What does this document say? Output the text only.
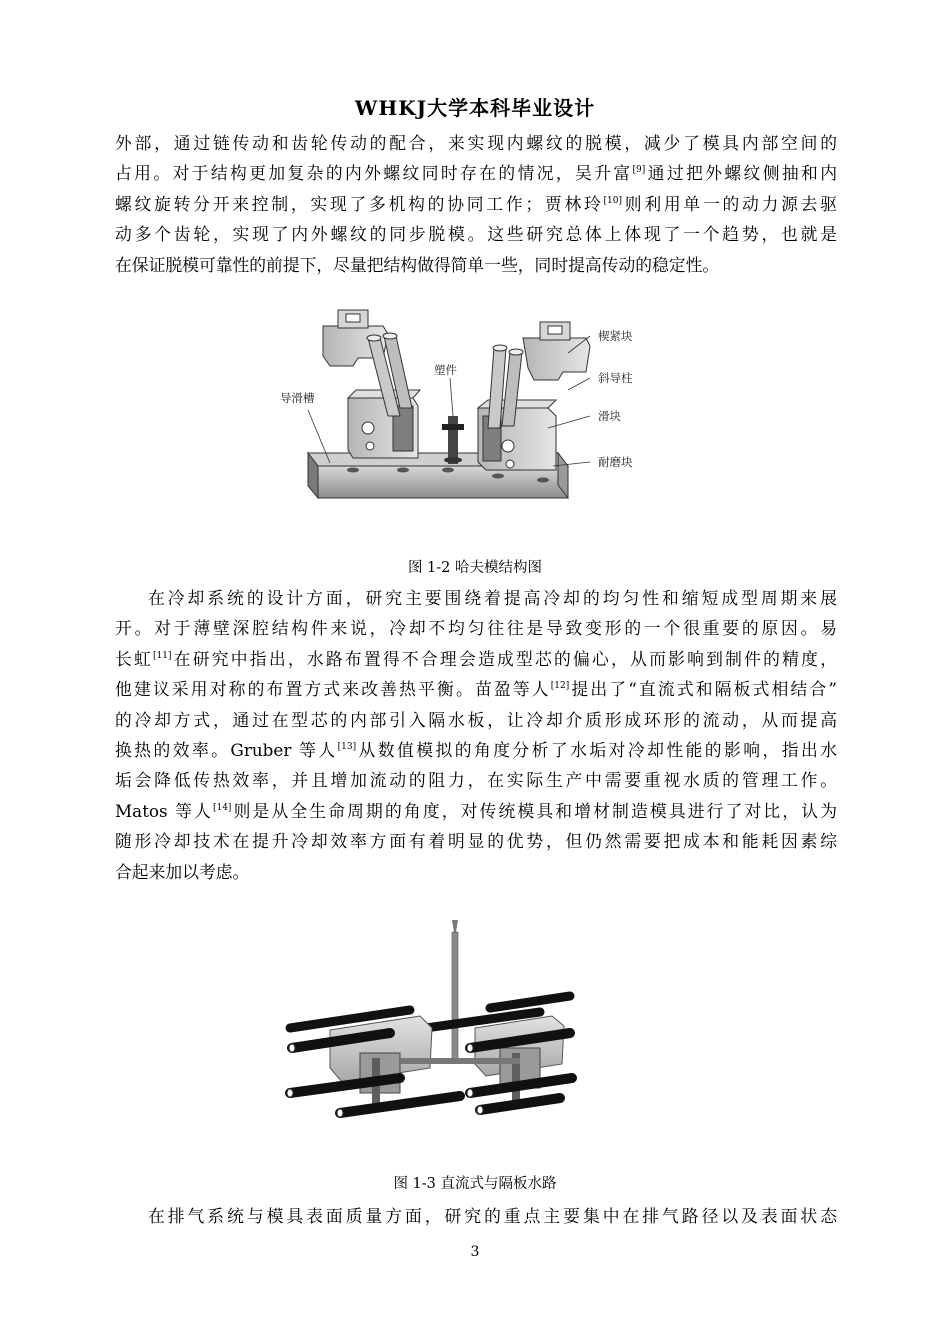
WHKJ大学本科毕业设计
外部，通过链传动和齿轮传动的配合，来实现内螺纹的脱模，减少了模具内部空间的
占用。对于结构更加复杂的内外螺纹同时存在的情况，吴升富[9]通过把外螺纹侧抽和内
螺纹旋转分开来控制，实现了多机构的协同工作；贾林玲[10]则利用单一的动力源去驱
动多个齿轮，实现了内外螺纹的同步脱模。这些研究总体上体现了一个趋势，也就是
在保证脱模可靠性的前提下，尽量把结构做得简单一些，同时提高传动的稳定性。
楔紧块
斜导柱
塑件
导滑槽
滑块
耐磨块
图 1-2 哈夫模结构图
在冷却系统的设计方面，研究主要围绕着提高冷却的均匀性和缩短成型周期来展
开。对于薄壁深腔结构件来说，冷却不均匀往往是导致变形的一个很重要的原因。易
长虹[11]在研究中指出，水路布置得不合理会造成型芯的偏心，从而影响到制件的精度，
他建议采用对称的布置方式来改善热平衡。苗盈等人[12]提出了“直流式和隔板式相结合”
的冷却方式，通过在型芯的内部引入隔水板，让冷却介质形成环形的流动，从而提高
换热的效率。Gruber 等人[13]从数值模拟的角度分析了水垢对冷却性能的影响，指出水
垢会降低传热效率，并且增加流动的阻力，在实际生产中需要重视水质的管理工作。
Matos 等人[14]则是从全生命周期的角度，对传统模具和增材制造模具进行了对比，认为
随形冷却技术在提升冷却效率方面有着明显的优势，但仍然需要把成本和能耗因素综
合起来加以考虑。
图 1-3 直流式与隔板水路
在排气系统与模具表面质量方面，研究的重点主要集中在排气路径以及表面状态
3
